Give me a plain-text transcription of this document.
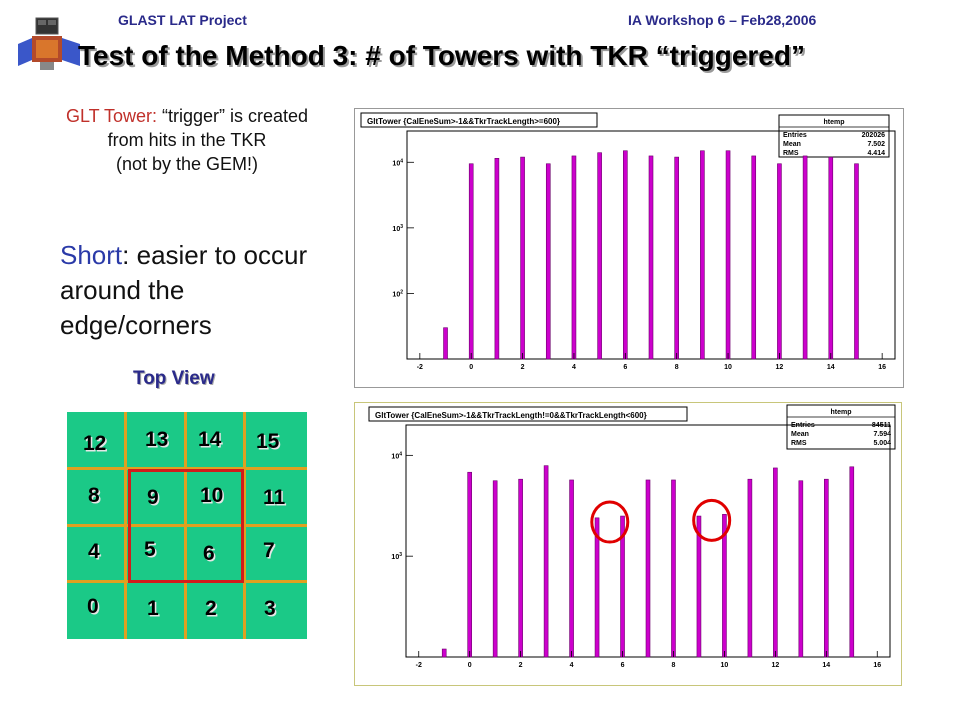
GLAST LAT Project	IA Workshop 6 – Feb28,2006
Test of the Method 3: # of Towers with TKR “triggered”
GLT Tower: “trigger” is created from hits in the TKR
(not by the GEM!)
Short: easier to occur around the edge/corners
Top View
12 13 14 15
8 9 10 11
4 5 6 7
0 1 2 3
GltTower {CalEneSum>-1&&TkrTrackLength>=600}	htemp
Entries	202026
Mean	7.502
RMS	4.414
-2	0	2	4	6	8	10	12	14	16
$10^4$
$10^3$
$10^2$
GltTower {CalEneSum>-1&&TkrTrackLength!=0&&TkrTrackLength<600}	htemp
Entries	84511
Mean	7.594
RMS	5.004
-2	0	2	4	6	8	10	12	14	16
$10^4$
$10^3$
